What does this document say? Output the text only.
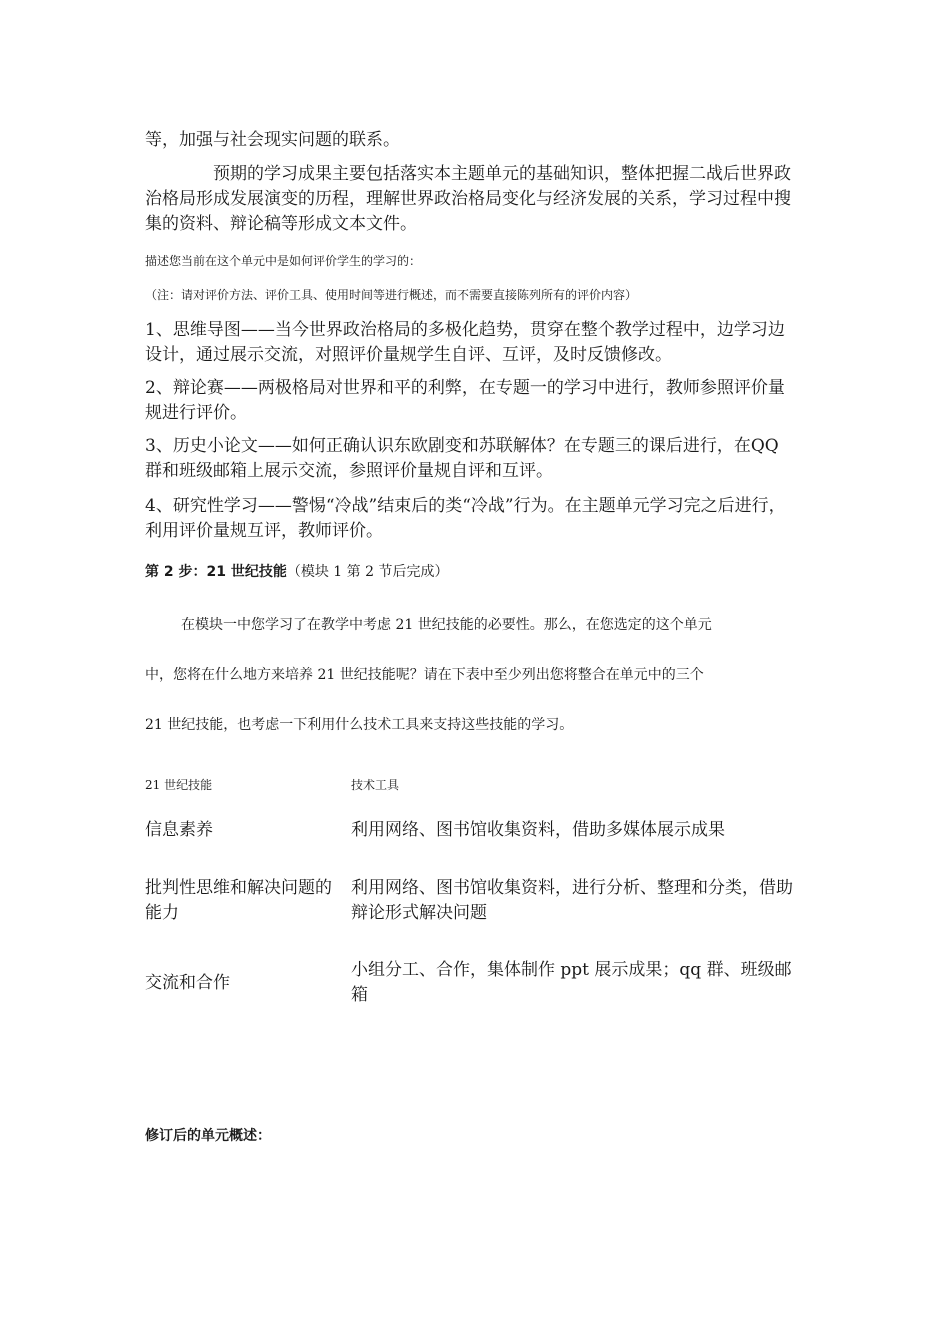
等，加强与社会现实问题的联系。

预期的学习成果主要包括落实本主题单元的基础知识，整体把握二战后世界政治格局形成发展演变的历程，理解世界政治格局变化与经济发展的关系，学习过程中搜集的资料、辩论稿等形成文本文件。

描述您当前在这个单元中是如何评价学生的学习的：

（注：请对评价方法、评价工具、使用时间等进行概述，而不需要直接陈列所有的评价内容）

1、思维导图——当今世界政治格局的多极化趋势，贯穿在整个教学过程中，边学习边设计，通过展示交流，对照评价量规学生自评、互评，及时反馈修改。

2、辩论赛——两极格局对世界和平的利弊，在专题一的学习中进行，教师参照评价量规进行评价。

3、历史小论文——如何正确认识东欧剧变和苏联解体？在专题三的课后进行，在QQ群和班级邮箱上展示交流，参照评价量规自评和互评。

4、研究性学习——警惕“冷战”结束后的类“冷战”行为。在主题单元学习完之后进行，利用评价量规互评，教师评价。

第 2 步：21 世纪技能（模块 1 第 2 节后完成）

在模块一中您学习了在教学中考虑 21 世纪技能的必要性。那么，在您选定的这个单元

中，您将在什么地方来培养 21 世纪技能呢？请在下表中至少列出您将整合在单元中的三个

21 世纪技能，也考虑一下利用什么技术工具来支持这些技能的学习。

21 世纪技能	技术工具
信息素养	利用网络、图书馆收集资料，借助多媒体展示成果
批判性思维和解决问题的能力	利用网络、图书馆收集资料，进行分析、整理和分类，借助辩论形式解决问题
交流和合作	小组分工、合作，集体制作 ppt 展示成果；qq 群、班级邮箱

修订后的单元概述：
